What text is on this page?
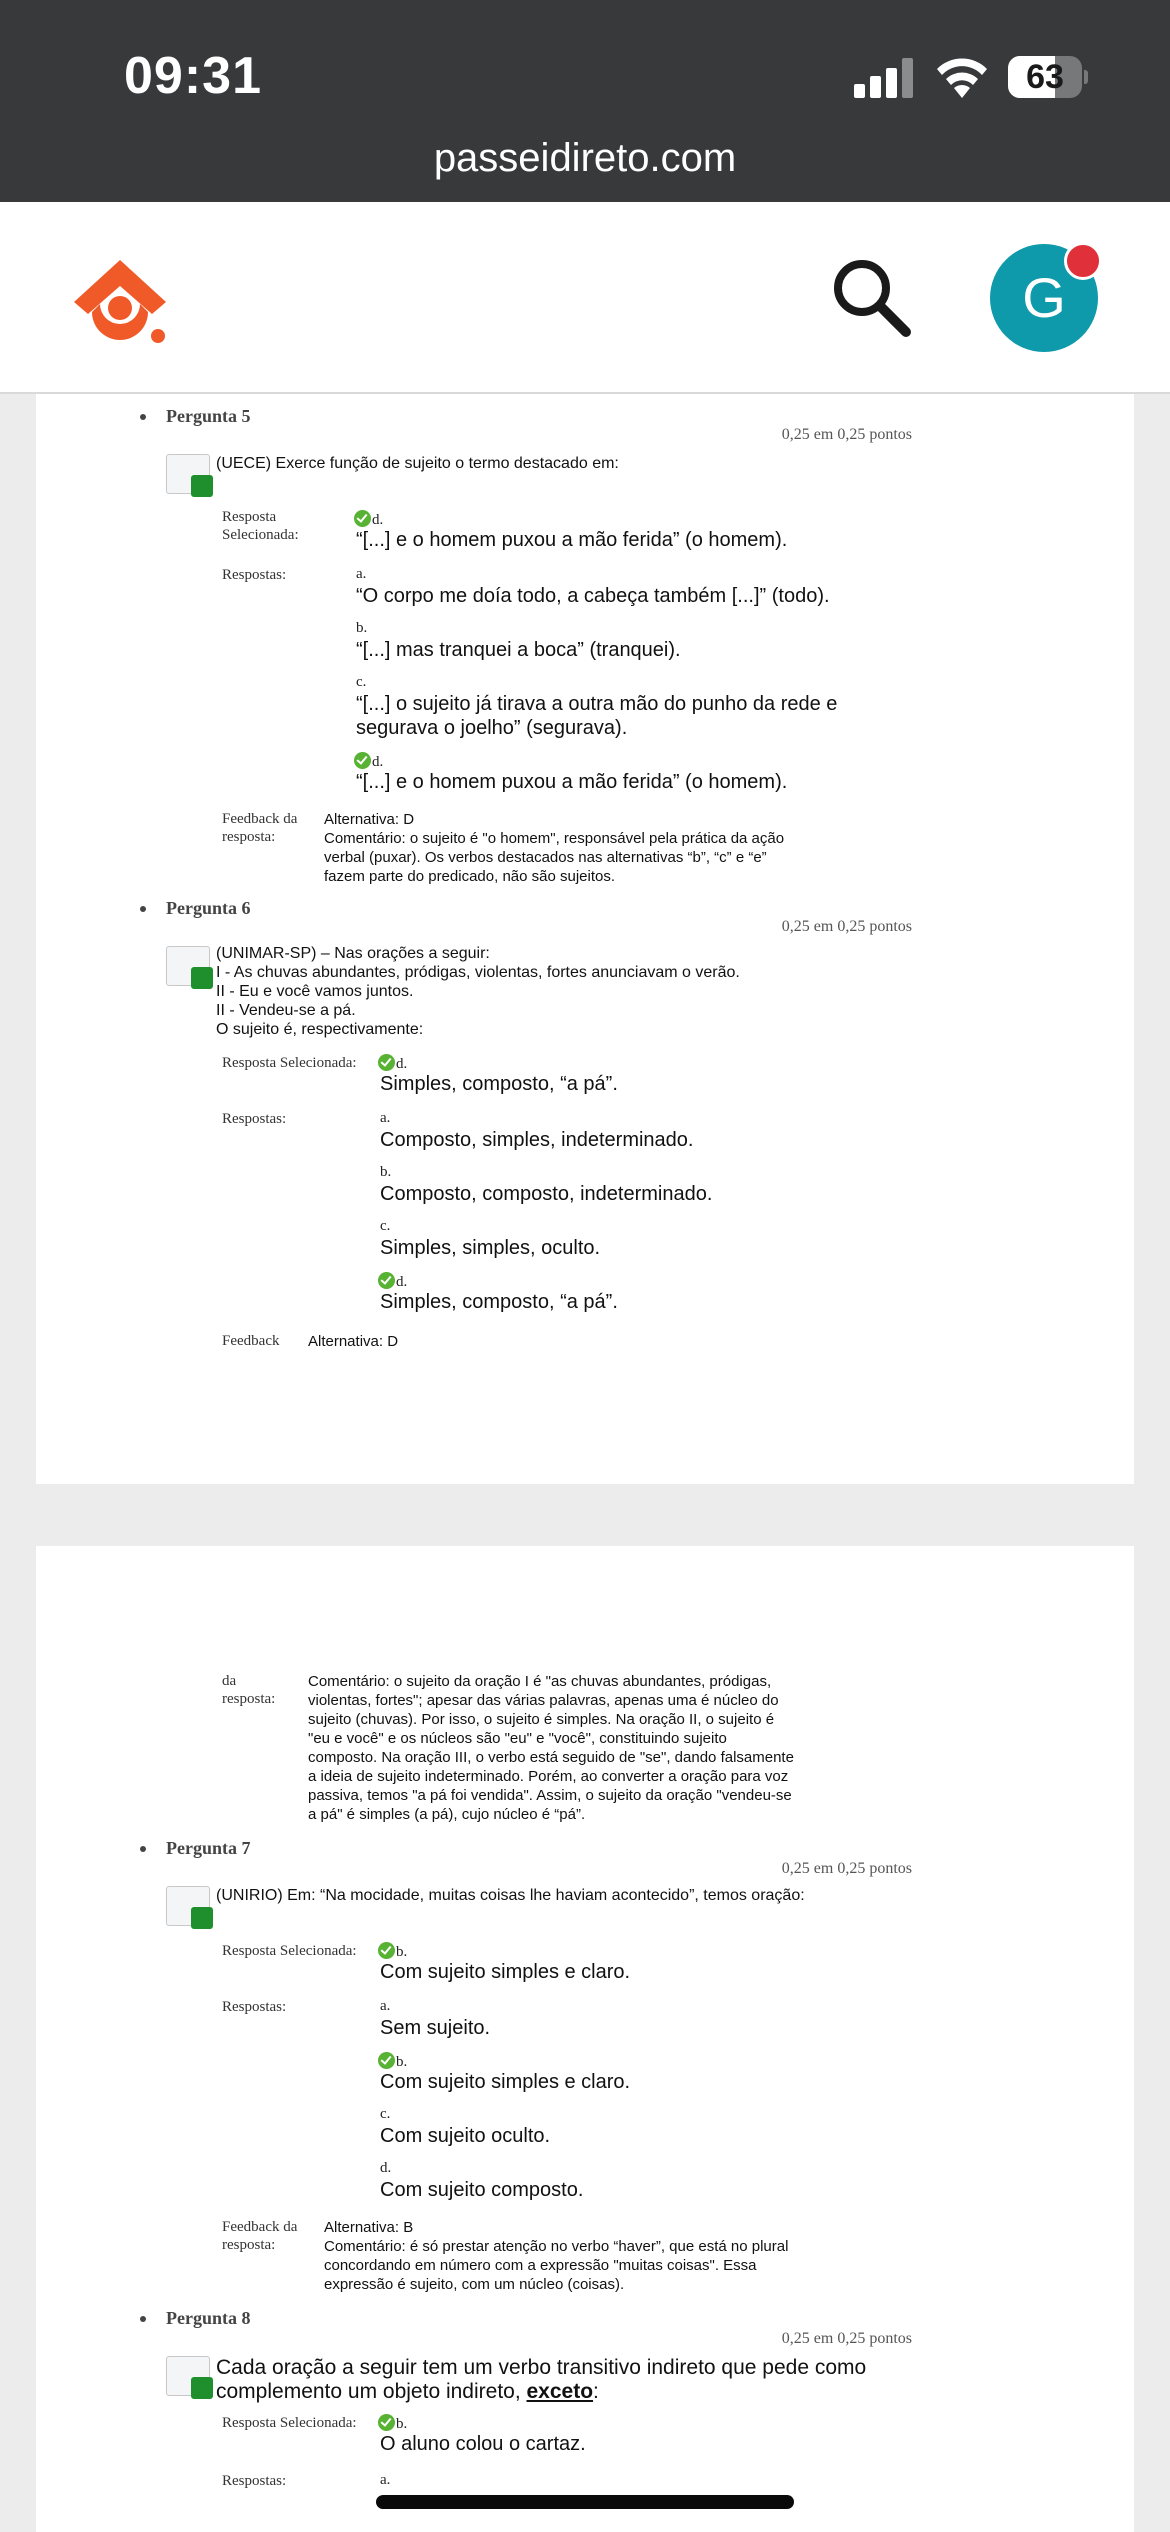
09:31	63
passeidireto.com
G
Pergunta 5
0,25 em 0,25 pontos
(UECE) Exerce função de sujeito o termo destacado em:
Resposta
Selecionada:
d.
“[...] e o homem puxou a mão ferida” (o homem).
Respostas:	a.
“O corpo me doía todo, a cabeça também [...]” (todo).
b.
“[...] mas tranquei a boca” (tranquei).
c.
“[...] o sujeito já tirava a outra mão do punho da rede e
segurava o joelho” (segurava).
d.
“[...] e o homem puxou a mão ferida” (o homem).
Feedback da
resposta:
Alternativa: D
Comentário: o sujeito é "o homem", responsável pela prática da ação
verbal (puxar). Os verbos destacados nas alternativas “b”, “c” e “e”
fazem parte do predicado, não são sujeitos.
Pergunta 6
0,25 em 0,25 pontos
(UNIMAR-SP) – Nas orações a seguir:
I - As chuvas abundantes, pródigas, violentas, fortes anunciavam o verão.
II - Eu e você vamos juntos.
II - Vendeu-se a pá.
O sujeito é, respectivamente:
Resposta Selecionada:	d.
Simples, composto, “a pá”.
Respostas:	a.
Composto, simples, indeterminado.
b.
Composto, composto, indeterminado.
c.
Simples, simples, oculto.
d.
Simples, composto, “a pá”.
Feedback Alternativa: D
da
resposta:
Comentário: o sujeito da oração I é "as chuvas abundantes, pródigas,
violentas, fortes"; apesar das várias palavras, apenas uma é núcleo do
sujeito (chuvas). Por isso, o sujeito é simples. Na oração II, o sujeito é
"eu e você" e os núcleos são "eu" e "você", constituindo sujeito
composto. Na oração III, o verbo está seguido de "se", dando falsamente
a ideia de sujeito indeterminado. Porém, ao converter a oração para voz
passiva, temos "a pá foi vendida". Assim, o sujeito da oração "vendeu-se
a pá" é simples (a pá), cujo núcleo é “pá”.
Pergunta 7
0,25 em 0,25 pontos
(UNIRIO) Em: “Na mocidade, muitas coisas lhe haviam acontecido”, temos oração:
Resposta Selecionada:	b.
Com sujeito simples e claro.
Respostas:	a.
Sem sujeito.
b.
Com sujeito simples e claro.
c.
Com sujeito oculto.
d.
Com sujeito composto.
Feedback da
resposta:
Alternativa: B
Comentário: é só prestar atenção no verbo “haver”, que está no plural
concordando em número com a expressão "muitas coisas". Essa
expressão é sujeito, com um núcleo (coisas).
Pergunta 8
0,25 em 0,25 pontos
Cada oração a seguir tem um verbo transitivo indireto que pede como
complemento um objeto indireto, exceto:
Resposta Selecionada:	b.
O aluno colou o cartaz.
Respostas:	a.
